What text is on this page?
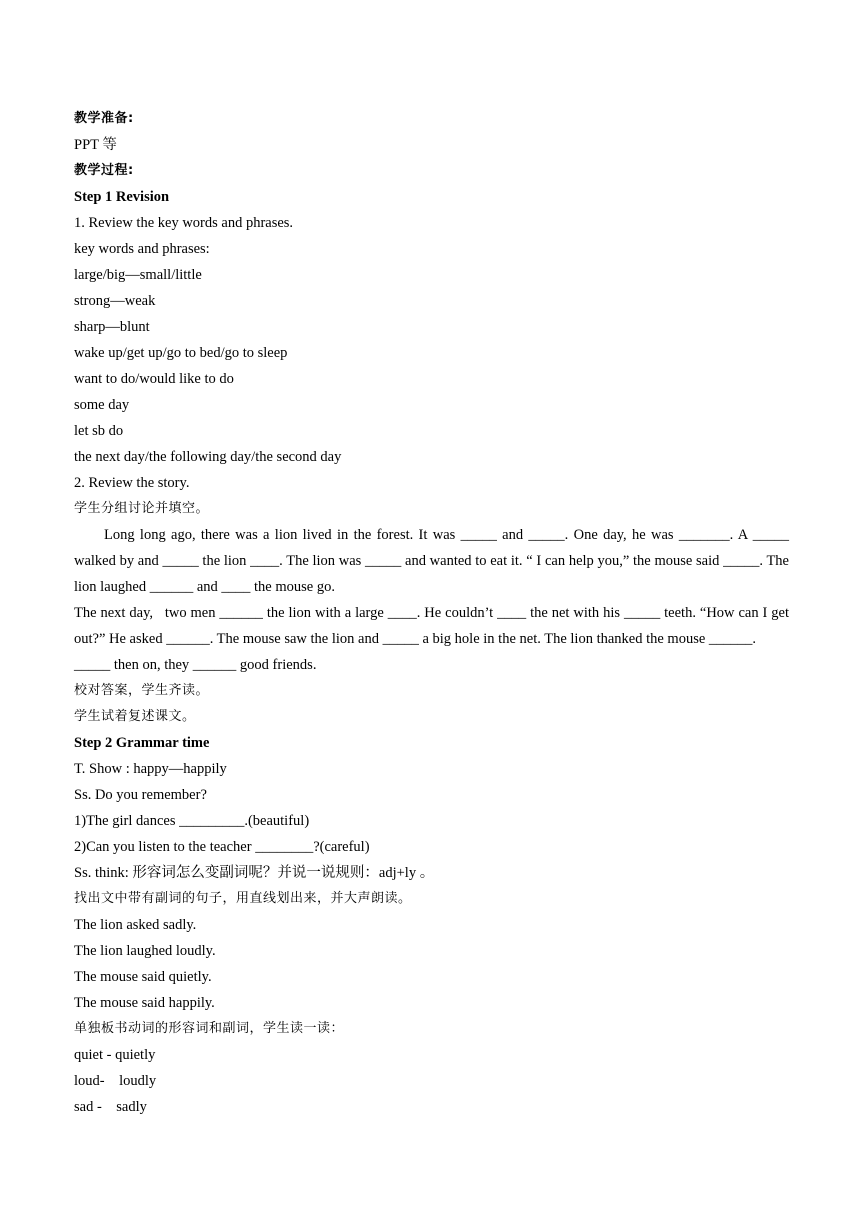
教学准备:
PPT 等
教学过程:
Step 1 Revision
1. Review the key words and phrases.
key words and phrases:
large/big—small/little
strong—weak
sharp—blunt
wake up/get up/go to bed/go to sleep
want to do/would like to do
some day
let sb do
the next day/the following day/the second day
2. Review the story.
学生分组讨论并填空。

Long long ago, there was a lion lived in the forest. It was _____ and _____. One day, he was _______. A _____ walked by and _____ the lion ____. The lion was _____ and wanted to eat it. “ I can help you,” the mouse said _____. The lion laughed ______ and ____ the mouse go.

The next day,   two men ______ the lion with a large ____. He couldn’t ____ the net with his _____ teeth. “How can I get out?” He asked ______. The mouse saw the lion and _____ a big hole in the net. The lion thanked the mouse ______.

_____ then on, they ______ good friends.
校对答案，学生齐读。
学生试着复述课文。
Step 2 Grammar time
T. Show : happy—happily
Ss. Do you remember?
1)The girl dances _________.(beautiful)
2)Can you listen to the teacher ________?(careful)
Ss. think: 形容词怎么变副词呢？并说一说规则：adj+ly 。
找出文中带有副词的句子，用直线划出来，并大声朗读。
The lion asked sadly.
The lion laughed loudly.
The mouse said quietly.
The mouse said happily.
单独板书动词的形容词和副词，学生读一读：
quiet - quietly
loud-    loudly
sad -    sadly
